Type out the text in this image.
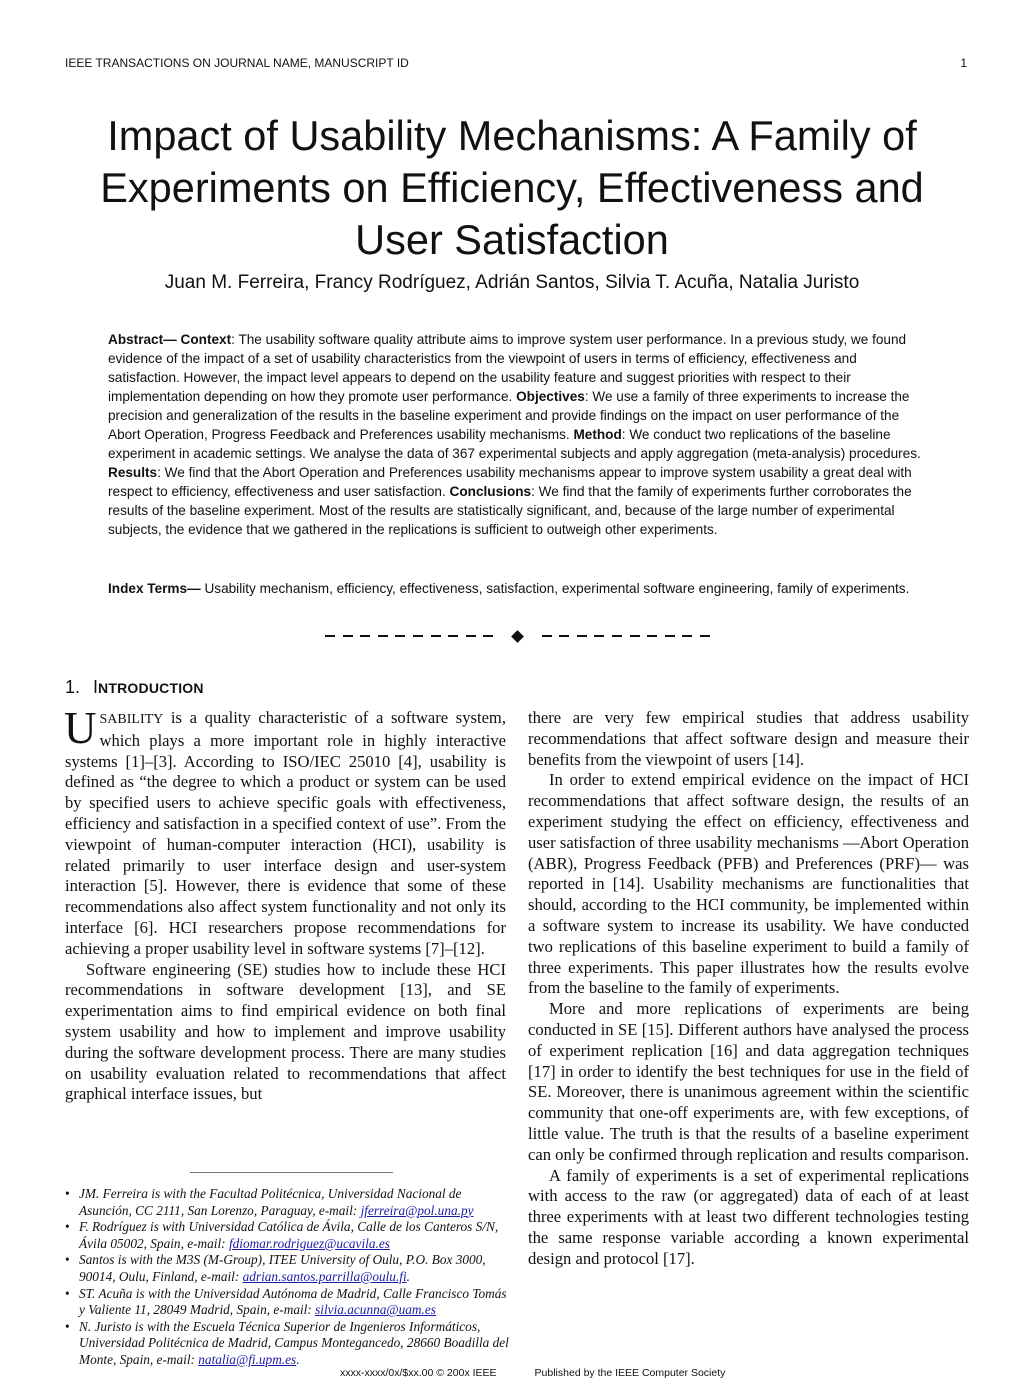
IEEE TRANSACTIONS ON JOURNAL NAME, MANUSCRIPT ID	1
Impact of Usability Mechanisms: A Family of
Experiments on Efficiency, Effectiveness and
User Satisfaction
Juan M. Ferreira, Francy Rodríguez, Adrián Santos, Silvia T. Acuña, Natalia Juristo

Abstract— Context: The usability software quality attribute aims to improve system user performance. In a previous study, we found evidence of the impact of a set of usability characteristics from the viewpoint of users in terms of efficiency, effectiveness and satisfaction. However, the impact level appears to depend on the usability feature and suggest priorities with respect to their implementation depending on how they promote user performance. Objectives: We use a family of three experiments to increase the precision and generalization of the results in the baseline experiment and provide findings on the impact on user performance of the Abort Operation, Progress Feedback and Preferences usability mechanisms. Method: We conduct two replications of the baseline experiment in academic settings. We analyse the data of 367 experimental subjects and apply aggregation (meta-analysis) procedures. Results: We find that the Abort Operation and Preferences usability mechanisms appear to improve system usability a great deal with respect to efficiency, effectiveness and user satisfaction. Conclusions: We find that the family of experiments further corroborates the results of the baseline experiment. Most of the results are statistically significant, and, because of the large number of experimental subjects, the evidence that we gathered in the replications is sufficient to outweigh other experiments.

Index Terms— Usability mechanism, efficiency, effectiveness, satisfaction, experimental software engineering, family of experiments.

1. INTRODUCTION

USABILITY is a quality characteristic of a software system, which plays a more important role in highly interactive systems [1]–[3]. According to ISO/IEC 25010 [4], usability is defined as “the degree to which a product or system can be used by specified users to achieve specific goals with effectiveness, efficiency and satisfaction in a specified context of use”. From the viewpoint of human-computer interaction (HCI), usability is related primarily to user interface design and user-system interaction [5]. However, there is evidence that some of these recommendations also affect system functionality and not only its interface [6]. HCI researchers propose recommendations for achieving a proper usability level in software systems [7]–[12].

Software engineering (SE) studies how to include these HCI recommendations in software development [13], and SE experimentation aims to find empirical evidence on both final system usability and how to implement and improve usability during the software development process. There are many studies on usability evaluation related to recommendations that affect graphical interface issues, but

there are very few empirical studies that address usability recommendations that affect software design and measure their benefits from the viewpoint of users [14].

In order to extend empirical evidence on the impact of HCI recommendations that affect software design, the results of an experiment studying the effect on efficiency, effectiveness and user satisfaction of three usability mechanisms —Abort Operation (ABR), Progress Feedback (PFB) and Preferences (PRF)— was reported in [14]. Usability mechanisms are functionalities that should, according to the HCI community, be implemented within a software system to increase its usability. We have conducted two replications of this baseline experiment to build a family of three experiments. This paper illustrates how the results evolve from the baseline to the family of experiments.

More and more replications of experiments are being conducted in SE [15]. Different authors have analysed the process of experiment replication [16] and data aggregation techniques [17] in order to identify the best techniques for use in the field of SE. Moreover, there is unanimous agreement within the scientific community that one-off experiments are, with few exceptions, of little value. The truth is that the results of a baseline experiment can only be confirmed through replication and results comparison.

A family of experiments is a set of experimental replications with access to the raw (or aggregated) data of each of at least three experiments with at least two different technologies testing the same response variable according a known experimental design and protocol [17].

• JM. Ferreira is with the Facultad Politécnica, Universidad Nacional de Asunción, CC 2111, San Lorenzo, Paraguay, e-mail: jferreira@pol.una.py
• F. Rodríguez is with Universidad Católica de Ávila, Calle de los Canteros S/N, Ávila 05002, Spain, e-mail: fdiomar.rodriguez@ucavila.es
• Santos is with the M3S (M-Group), ITEE University of Oulu, P.O. Box 3000, 90014, Oulu, Finland, e-mail: adrian.santos.parrilla@oulu.fi.
• ST. Acuña is with the Universidad Autónoma de Madrid, Calle Francisco Tomás y Valiente 11, 28049 Madrid, Spain, e-mail: silvia.acunna@uam.es
• N. Juristo is with the Escuela Técnica Superior de Ingenieros Informáticos, Universidad Politécnica de Madrid, Campus Montegancedo, 28660 Boadilla del Monte, Spain, e-mail: natalia@fi.upm.es.
xxxx-xxxx/0x/$xx.00 © 200x IEEE	Published by the IEEE Computer Society
